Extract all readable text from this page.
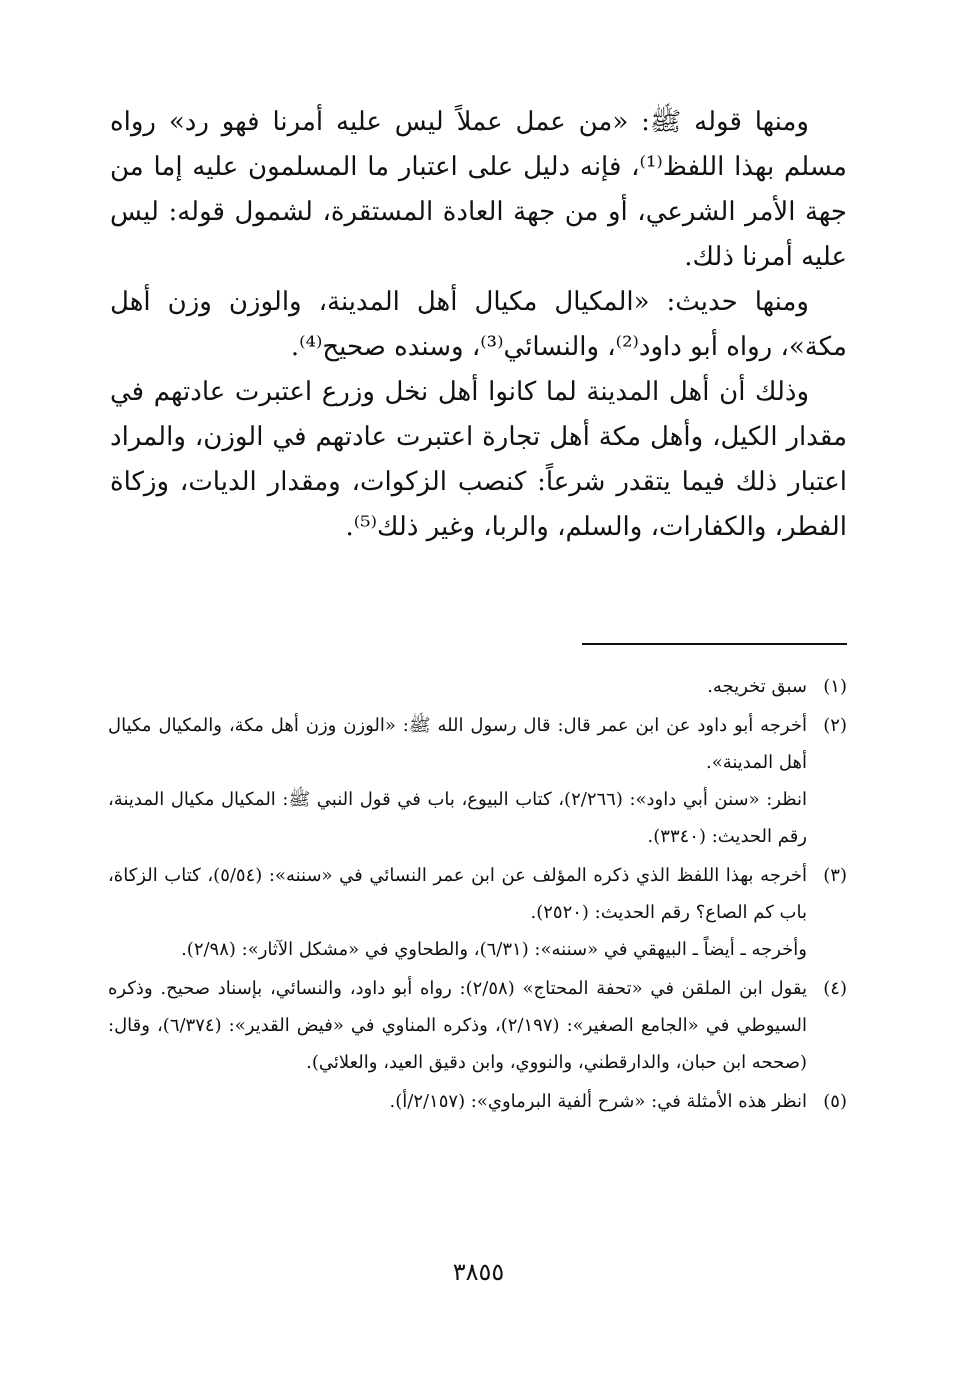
ومنها قوله ﷺ: «من عمل عملاً ليس عليه أمرنا فهو رد» رواه مسلم بهذا اللفظ⁽¹⁾، فإنه دليل على اعتبار ما المسلمون عليه إما من جهة الأمر الشرعي، أو من جهة العادة المستقرة، لشمول قوله: ليس عليه أمرنا ذلك.

ومنها حديث: «المكيال مكيال أهل المدينة، والوزن وزن أهل مكة»، رواه أبو داود⁽²⁾، والنسائي⁽³⁾، وسنده صحيح⁽⁴⁾.

وذلك أن أهل المدينة لما كانوا أهل نخل وزرع اعتبرت عادتهم في مقدار الكيل، وأهل مكة أهل تجارة اعتبرت عادتهم في الوزن، والمراد اعتبار ذلك فيما يتقدر شرعاً: كنصب الزكوات، ومقدار الديات، وزكاة الفطر، والكفارات، والسلم، والربا، وغير ذلك⁽⁵⁾.

(١)

سبق تخريجه.

(٢)

أخرجه أبو داود عن ابن عمر قال: قال رسول الله ﷺ: «الوزن وزن أهل مكة، والمكيال مكيال أهل المدينة».

انظر: «سنن أبي داود»: (٢/٢٦٦)، كتاب البيوع، باب في قول النبي ﷺ: المكيال مكيال المدينة، رقم الحديث: (٣٣٤٠).

(٣)

أخرجه بهذا اللفظ الذي ذكره المؤلف عن ابن عمر النسائي في «سننه»: (٥/٥٤)، كتاب الزكاة، باب كم الصاع؟ رقم الحديث: (٢٥٢٠).

وأخرجه ـ أيضاً ـ البيهقي في «سننه»: (٦/٣١)، والطحاوي في «مشكل الآثار»: (٢/٩٨).

(٤)

يقول ابن الملقن في «تحفة المحتاج» (٢/٥٨): رواه أبو داود، والنسائي، بإسناد صحيح. وذكره السيوطي في «الجامع الصغير»: (٢/١٩٧)، وذكره المناوي في «فيض القدير»: (٦/٣٧٤)، وقال: (صححه ابن حبان، والدارقطني، والنووي، وابن دقيق العيد، والعلائي).

(٥)

انظر هذه الأمثلة في: «شرح ألفية البرماوي»: (٢/١٥٧/أ).

٣٨٥٥
